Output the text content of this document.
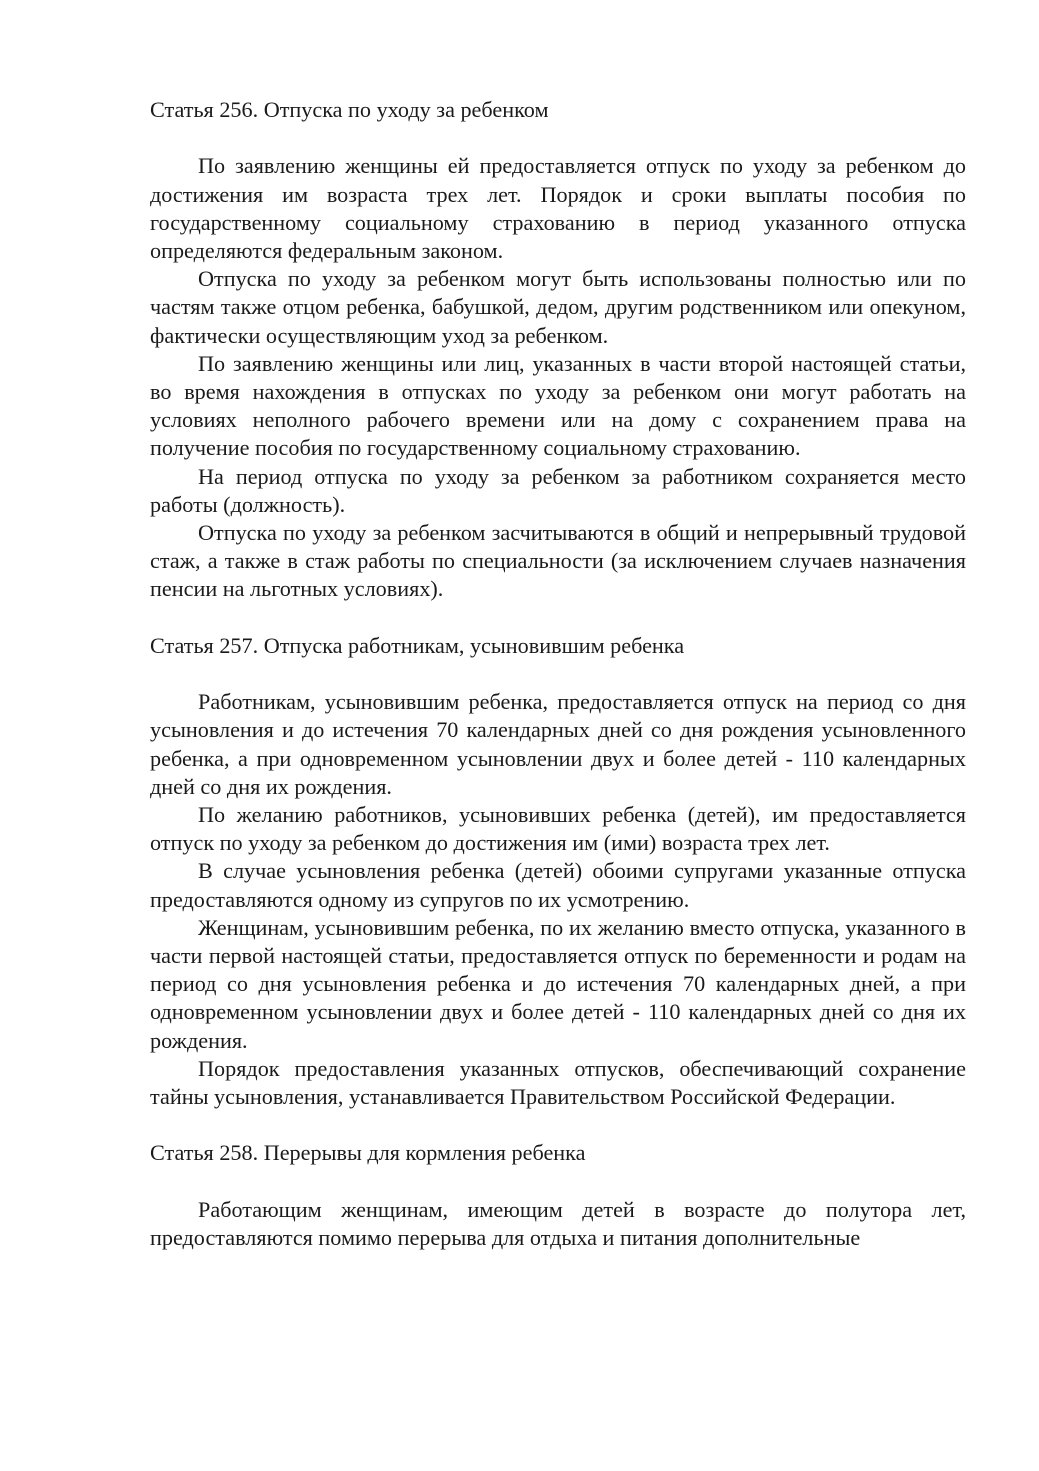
Статья 256. Отпуска по уходу за ребенком

По заявлению женщины ей предоставляется отпуск по уходу за ребенком до достижения им возраста трех лет. Порядок и сроки выплаты пособия по государственному социальному страхованию в период указанного отпуска определяются федеральным законом.

Отпуска по уходу за ребенком могут быть использованы полностью или по частям также отцом ребенка, бабушкой, дедом, другим родственником или опекуном, фактически осуществляющим уход за ребенком.

По заявлению женщины или лиц, указанных в части второй настоящей статьи, во время нахождения в отпусках по уходу за ребенком они могут работать на условиях неполного рабочего времени или на дому с сохранением права на получение пособия по государственному социальному страхованию.

На период отпуска по уходу за ребенком за работником сохраняется место работы (должность).

Отпуска по уходу за ребенком засчитываются в общий и непрерывный трудовой стаж, а также в стаж работы по специальности (за исключением случаев назначения пенсии на льготных условиях).

Статья 257. Отпуска работникам, усыновившим ребенка

Работникам, усыновившим ребенка, предоставляется отпуск на период со дня усыновления и до истечения 70 календарных дней со дня рождения усыновленного ребенка, а при одновременном усыновлении двух и более детей - 110 календарных дней со дня их рождения.

По желанию работников, усыновивших ребенка (детей), им предоставляется отпуск по уходу за ребенком до достижения им (ими) возраста трех лет.

В случае усыновления ребенка (детей) обоими супругами указанные отпуска предоставляются одному из супругов по их усмотрению.

Женщинам, усыновившим ребенка, по их желанию вместо отпуска, указанного в части первой настоящей статьи, предоставляется отпуск по беременности и родам на период со дня усыновления ребенка и до истечения 70 календарных дней, а при одновременном усыновлении двух и более детей - 110 календарных дней со дня их рождения.

Порядок предоставления указанных отпусков, обеспечивающий сохранение тайны усыновления, устанавливается Правительством Российской Федерации.

Статья 258. Перерывы для кормления ребенка

Работающим женщинам, имеющим детей в возрасте до полутора лет, предоставляются помимо перерыва для отдыха и питания дополнительные
